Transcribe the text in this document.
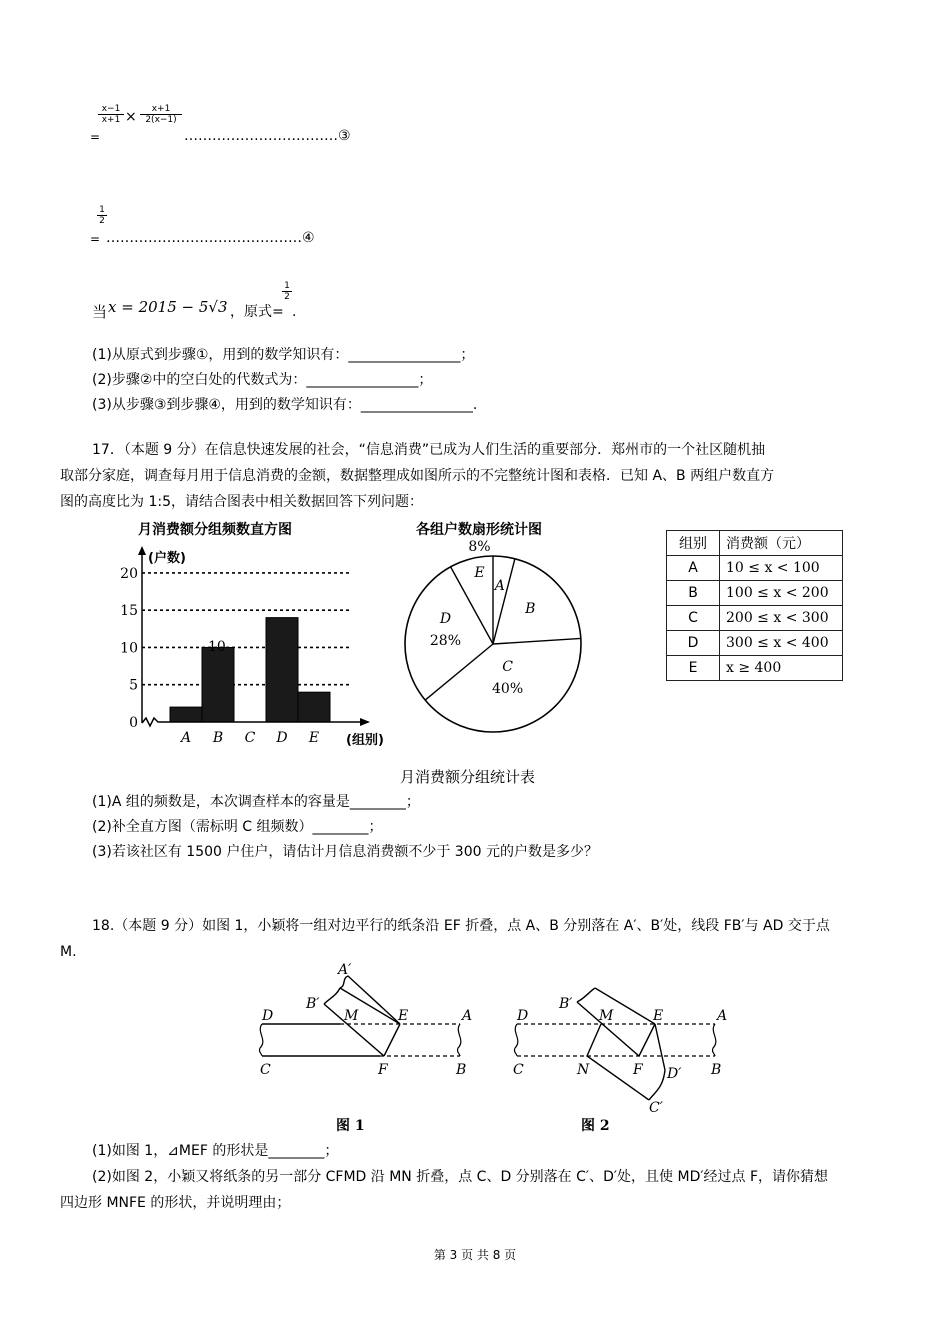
$\frac{x-1}{x+1} \times \frac{x+1}{2(x-1)}$
=	……………………………③
$\frac{1}{2}$
= ……………………………………④
当 x = 2015 − 5√3 ，原式=
$\frac{1}{2}$
.
(1)从原式到步骤①，用到的数学知识有：________________；
(2)步骤②中的空白处的代数式为：________________；
(3)从步骤③到步骤④，用到的数学知识有：________________.
17．（本题 9 分）在信息快速发展的社会，“信息消费”已成为人们生活的重要部分．郑州市的一个社区随机抽
取部分家庭，调查每月用于信息消费的金额，数据整理成如图所示的不完整统计图和表格．已知 A、B 两组户数直方
图的高度比为 1:5，请结合图表中相关数据回答下列问题：
月消费额分组频数直方图
(户数)
0
5
10
15
20
A B C D E
10
(组别)
各组户数扇形统计图
A
B
C
40%
D
28%
E
8%	组别	消费额（元）
A	10 ≤ x < 100
B	100 ≤ x < 200
C	200 ≤ x < 300
D	300 ≤ x < 400
E	x ≥ 400
月消费额分组统计表
(1)A 组的频数是，本次调查样本的容量是________；
(2)补全直方图（需标明 C 组频数）________；
(3)若该社区有 1500 户住户，请估计月信息消费额不少于 300 元的户数是多少？
18.（本题 9 分）如图 1，小颖将一组对边平行的纸条沿 EF 折叠，点 A、B 分别落在 A′、B′处，线段 FB′与 AD 交于点
M.
A′
B′
M	E	A
D
C	F	B
图 1
B′
M	E	A
D
C	N	F D′
C′
B
图 2
(1)如图 1，⊿MEF 的形状是________；
(2)如图 2，小颖又将纸条的另一部分 CFMD 沿 MN 折叠，点 C、D 分别落在 C′、D′处，且使 MD′经过点 F，请你猜想
四边形 MNFE 的形状，并说明理由；
第 3 页 共 8 页
